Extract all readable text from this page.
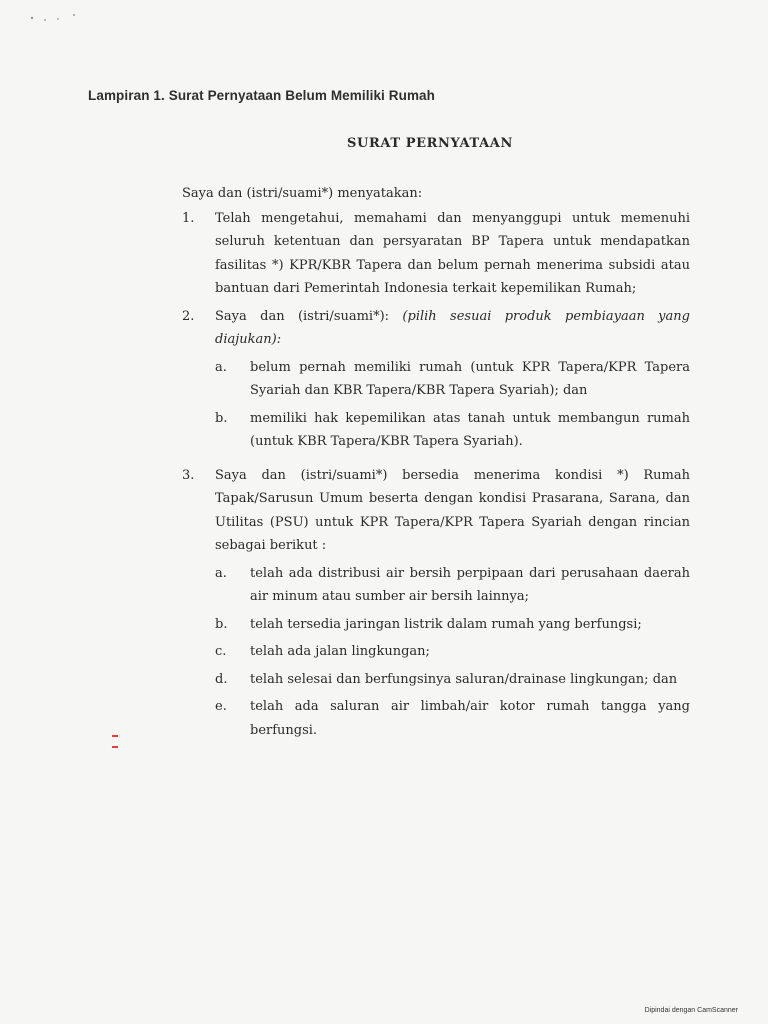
Lampiran 1. Surat Pernyataan Belum Memiliki Rumah
SURAT PERNYATAAN

Saya dan (istri/suami*) menyatakan:

1. Telah mengetahui, memahami dan menyanggupi untuk memenuhi seluruh ketentuan dan persyaratan BP Tapera untuk mendapatkan fasilitas *) KPR/KBR Tapera dan belum pernah menerima subsidi atau bantuan dari Pemerintah Indonesia terkait kepemilikan Rumah;
2. Saya dan (istri/suami*): (pilih sesuai produk pembiayaan yang diajukan):
a. belum pernah memiliki rumah (untuk KPR Tapera/KPR Tapera Syariah dan KBR Tapera/KBR Tapera Syariah); dan
b. memiliki hak kepemilikan atas tanah untuk membangun rumah (untuk KBR Tapera/KBR Tapera Syariah).
3. Saya dan (istri/suami*) bersedia menerima kondisi *) Rumah Tapak/Sarusun Umum beserta dengan kondisi Prasarana, Sarana, dan Utilitas (PSU) untuk KPR Tapera/KPR Tapera Syariah dengan rincian sebagai berikut :
a. telah ada distribusi air bersih perpipaan dari perusahaan daerah air minum atau sumber air bersih lainnya;
b. telah tersedia jaringan listrik dalam rumah yang berfungsi;
c. telah ada jalan lingkungan;
d. telah selesai dan berfungsinya saluran/drainase lingkungan; dan
e. telah ada saluran air limbah/air kotor rumah tangga yang berfungsi.
Dipindai dengan CamScanner
